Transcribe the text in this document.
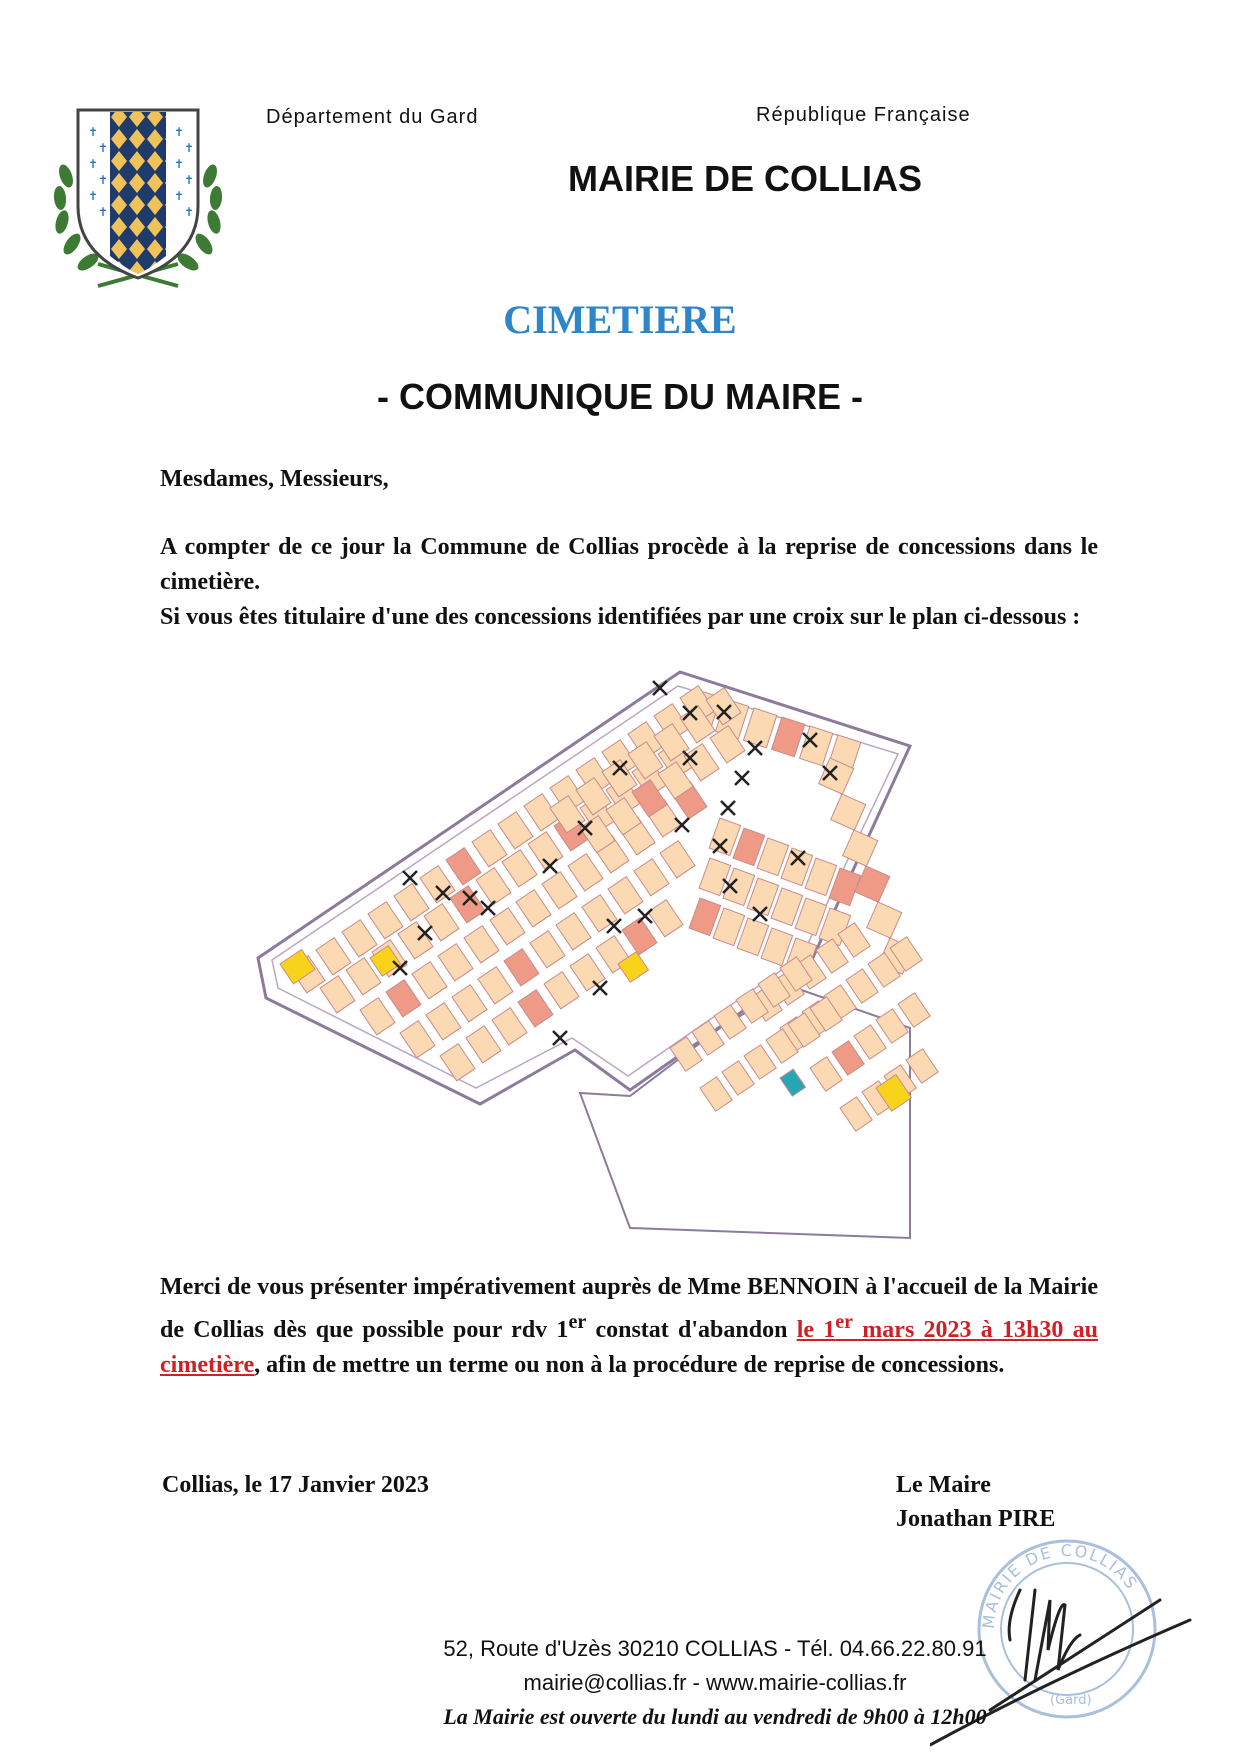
✝
✝
✝
✝
✝
✝
✝
✝
✝
✝
✝
✝
Département du Gard	République Française
MAIRIE DE COLLIAS
CIMETIERE
- COMMUNIQUE DU MAIRE -
Mesdames, Messieurs,
A compter de ce jour la Commune de Collias procède à la reprise de concessions dans le cimetière.
Si vous êtes titulaire d'une des concessions identifiées par une croix sur le plan ci-dessous :
Merci de vous présenter impérativement auprès de Mme BENNOIN à l'accueil de la Mairie de Collias dès que possible pour rdv 1er constat d'abandon le 1er mars 2023 à 13h30 au cimetière, afin de mettre un terme ou non à la procédure de reprise de concessions.
Collias, le 17 Janvier 2023	Le Maire
Jonathan PIRE
MAIRIE DE COLLIAS
(Gard)
52, Route d'Uzès 30210 COLLIAS - Tél. 04.66.22.80.91
mairie@collias.fr - www.mairie-collias.fr
La Mairie est ouverte du lundi au vendredi de 9h00 à 12h00
